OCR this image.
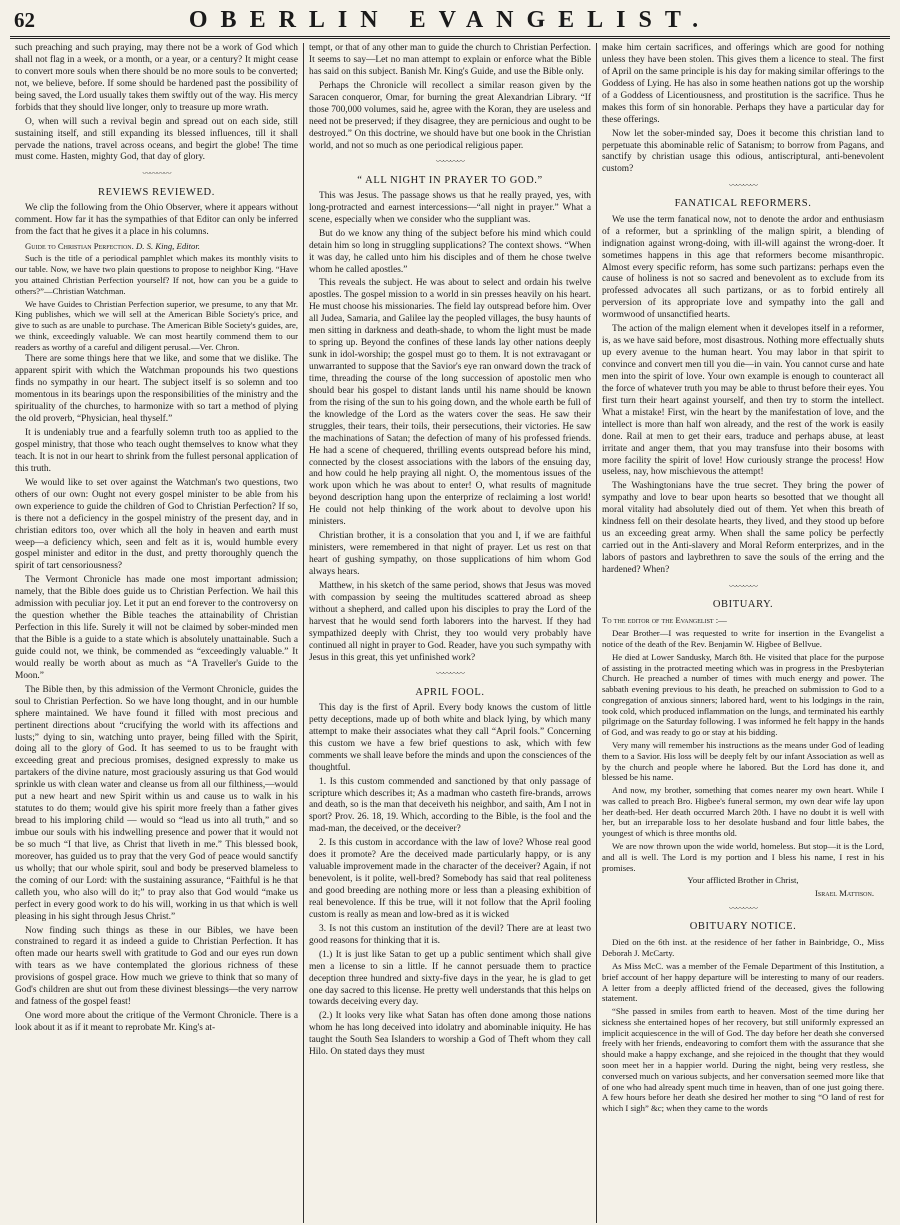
62	OBERLIN EVANGELIST.

such preaching and such praying, may there not be a work of God which shall not flag in a week, or a month, or a year, or a century? It might cease to convert more souls when there should be no more souls to be converted; not, we believe, before. If some should be hardened past the possibility of being saved, the Lord usually takes them swiftly out of the way. His mercy forbids that they should live longer, only to treasure up more wrath.

O, when will such a revival begin and spread out on each side, still sustaining itself, and still expanding its blessed influences, till it shall pervade the nations, travel across oceans, and begirt the globe! The time must come. Hasten, mighty God, that day of glory.

〰〰〰〰
REVIEWS REVIEWED.

We clip the following from the Ohio Observer, where it appears without comment. How far it has the sympathies of that Editor can only be inferred from the fact that he gives it a place in his columns.

Guide to Christian Perfection. D. S. King, Editor.

Such is the title of a periodical pamphlet which makes its monthly visits to our table. Now, we have two plain questions to propose to neighbor King. “Have you attained Christian Perfection yourself? If not, how can you be a guide to others?”—Christian Watchman.

We have Guides to Christian Perfection superior, we presume, to any that Mr. King publishes, which we will sell at the American Bible Society's price, and give to such as are unable to purchase. The American Bible Society's guides, are, we think, exceedingly valuable. We can most heartily commend them to our readers as worthy of a careful and diligent perusal.—Ver. Chron.

There are some things here that we like, and some that we dislike. The apparent spirit with which the Watchman propounds his two questions finds no sympathy in our heart. The subject itself is so solemn and too momentous in its bearings upon the responsibilities of the ministry and the spirituality of the churches, to harmonize with so tart a method of plying the old proverb, “Physician, heal thyself.”

It is undeniably true and a fearfully solemn truth too as applied to the gospel ministry, that those who teach ought themselves to know what they teach. It is not in our heart to shrink from the fullest personal application of this truth.

We would like to set over against the Watchman's two questions, two others of our own: Ought not every gospel minister to be able from his own experience to guide the children of God to Christian Perfection? If so, is there not a deficiency in the gospel ministry of the present day, and in christian editors too, over which all the holy in heaven and earth must weep—a deficiency which, seen and felt as it is, would humble every gospel minister and editor in the dust, and pretty thoroughly quench the spirit of tart censoriousness?

The Vermont Chronicle has made one most important admission; namely, that the Bible does guide us to Christian Perfection. We hail this admission with peculiar joy. Let it put an end forever to the controversy on the question whether the Bible teaches the attainability of Christian Perfection in this life. Surely it will not be claimed by sober-minded men that the Bible is a guide to a state which is absolutely unattainable. Such a guide could not, we think, be commended as “exceedingly valuable.” It would really be worth about as much as “A Traveller's Guide to the Moon.”

The Bible then, by this admission of the Vermont Chronicle, guides the soul to Christian Perfection. So we have long thought, and in our humble sphere maintained. We have found it filled with most precious and pertinent directions about “crucifying the world with its affections and lusts;” dying to sin, watching unto prayer, being filled with the Spirit, doing all to the glory of God. It has seemed to us to be fraught with exceeding great and precious promises, designed expressly to make us partakers of the divine nature, most graciously assuring us that God would sprinkle us with clean water and cleanse us from all our filthiness,—would put a new heart and new Spirit within us and cause us to walk in his statutes to do them; would give his spirit more freely than a father gives bread to his imploring child — would so “lead us into all truth,” and so imbue our souls with his indwelling presence and power that it would not be so much “I that live, as Christ that liveth in me.” This blessed book, moreover, has guided us to pray that the very God of peace would sanctify us wholly; that our whole spirit, soul and body be preserved blameless to the coming of our Lord: with the sustaining assurance, “Faithful is he that calleth you, who also will do it;” to pray also that God would “make us perfect in every good work to do his will, working in us that which is well pleasing in his sight through Jesus Christ.”

Now finding such things as these in our Bibles, we have been constrained to regard it as indeed a guide to Christian Perfection. It has often made our hearts swell with gratitude to God and our eyes run down with tears as we have contemplated the glorious richness of these provisions of gospel grace. How much we grieve to think that so many of God's children are shut out from these divinest blessings—the very narrow and fatness of the gospel feast!

One word more about the critique of the Vermont Chronicle. There is a look about it as if it meant to reprobate Mr. King's at-

tempt, or that of any other man to guide the church to Christian Perfection. It seems to say—Let no man attempt to explain or enforce what the Bible has said on this subject. Banish Mr. King's Guide, and use the Bible only.

Perhaps the Chronicle will recollect a similar reason given by the Saracen conqueror, Omar, for burning the great Alexandrian Library. “If those 700,000 volumes, said he, agree with the Koran, they are useless and need not be preserved; if they disagree, they are pernicious and ought to be destroyed.” On this doctrine, we should have but one book in the Christian world, and not so much as one periodical religious paper.

〰〰〰〰
“ ALL NIGHT IN PRAYER TO GOD.”

This was Jesus. The passage shows us that he really prayed, yes, with long-protracted and earnest intercessions—“all night in prayer.” What a scene, especially when we consider who the suppliant was.

But do we know any thing of the subject before his mind which could detain him so long in struggling supplications? The context shows. “When it was day, he called unto him his disciples and of them he chose twelve whom he called apostles.”

This reveals the subject. He was about to select and ordain his twelve apostles. The gospel mission to a world in sin presses heavily on his heart. He must choose his missionaries. The field lay outspread before him. Over all Judea, Samaria, and Galilee lay the peopled villages, the busy haunts of men sitting in darkness and death-shade, to whom the light must be made to spring up. Beyond the confines of these lands lay other nations deeply sunk in idol-worship; the gospel must go to them. It is not extravagant or unwarranted to suppose that the Savior's eye ran onward down the track of time, threading the course of the long succession of apostolic men who should bear his gospel to distant lands until his name should be known from the rising of the sun to his going down, and the whole earth be full of the knowledge of the Lord as the waters cover the seas. He saw their struggles, their tears, their toils, their persecutions, their victories. He saw the machinations of Satan; the defection of many of his professed friends. He had a scene of chequered, thrilling events outspread before his mind, connected by the closest associations with the labors of the ensuing day, and how could he help praying all night. O, the momentous issues of the work upon which he was about to enter! O, what results of magnitude beyond description hang upon the enterprize of reclaiming a lost world! He could not help thinking of the work about to devolve upon his ministers.

Christian brother, it is a consolation that you and I, if we are faithful ministers, were remembered in that night of prayer. Let us rest on that heart of gushing sympathy, on those supplications of him whom God always hears.

Matthew, in his sketch of the same period, shows that Jesus was moved with compassion by seeing the multitudes scattered abroad as sheep without a shepherd, and called upon his disciples to pray the Lord of the harvest that he would send forth laborers into the harvest. If they had sympathized deeply with Christ, they too would very probably have continued all night in prayer to God. Reader, have you such sympathy with Jesus in this great, this yet unfinished work?

〰〰〰〰
APRIL FOOL.

This day is the first of April. Every body knows the custom of little petty deceptions, made up of both white and black lying, by which many attempt to make their associates what they call “April fools.” Concerning this custom we have a few brief questions to ask, which with few comments we shall leave before the minds and upon the consciences of the thoughtful.

1. Is this custom commended and sanctioned by that only passage of scripture which describes it; As a madman who casteth fire-brands, arrows and death, so is the man that deceiveth his neighbor, and saith, Am I not in sport? Prov. 26. 18, 19. Which, according to the Bible, is the fool and the mad-man, the deceived, or the deceiver?

2. Is this custom in accordance with the law of love? Whose real good does it promote? Are the deceived made particularly happy, or is any valuable improvement made in the character of the deceiver? Again, if not benevolent, is it polite, well-bred? Somebody has said that real politeness and good breeding are nothing more or less than a pleasing exhibition of real benevolence. If this be true, will it not follow that the April fooling custom is really as mean and low-bred as it is wicked

3. Is not this custom an institution of the devil? There are at least two good reasons for thinking that it is.

(1.) It is just like Satan to get up a public sentiment which shall give men a license to sin a little. If he cannot persuade them to practice deception three hundred and sixty-five days in the year, he is glad to get one day sacred to this license. He pretty well understands that this helps on towards deceiving every day.

(2.) It looks very like what Satan has often done among those nations whom he has long deceived into idolatry and abominable iniquity. He has taught the South Sea Islanders to worship a God of Theft whom they call Hilo. On stated days they must

make him certain sacrifices, and offerings which are good for nothing unless they have been stolen. This gives them a licence to steal. The first of April on the same principle is his day for making similar offerings to the Goddess of Lying. He has also in some heathen nations got up the worship of a Goddess of Licentiousness, and prostitution is the sacrifice. Thus he makes this form of sin honorable. Perhaps they have a particular day for these offerings.

Now let the sober-minded say, Does it become this christian land to perpetuate this abominable relic of Satanism; to borrow from Pagans, and sanctify by christian usage this odious, antiscriptural, anti-benevolent custom?

〰〰〰〰
FANATICAL REFORMERS.

We use the term fanatical now, not to denote the ardor and enthusiasm of a reformer, but a sprinkling of the malign spirit, a blending of indignation against wrong-doing, with ill-will against the wrong-doer. It sometimes happens in this age that reformers become misanthropic. Almost every specific reform, has some such partizans: perhaps even the cause of holiness is not so sacred and benevolent as to exclude from its professed advocates all such partizans, or as to forbid entirely all perversion of its appropriate love and sympathy into the gall and wormwood of unsanctified hearts.

The action of the malign element when it developes itself in a reformer, is, as we have said before, most disastrous. Nothing more effectually shuts up every avenue to the human heart. You may labor in that spirit to convince and convert men till you die—in vain. You cannot curse and hate men into the spirit of love. Your own example is enough to counteract all the force of whatever truth you may be able to thrust before their eyes. You first turn their heart against yourself, and then try to storm the intellect. What a mistake! First, win the heart by the manifestation of love, and the intellect is more than half won already, and the rest of the work is easily done. Rail at men to get their ears, traduce and perhaps abuse, at least irritate and anger them, that you may transfuse into their bosoms with more facility the spirit of love! How curiously strange the process! How useless, nay, how mischievous the attempt!

The Washingtonians have the true secret. They bring the power of sympathy and love to bear upon hearts so besotted that we thought all moral vitality had absolutely died out of them. Yet when this breath of kindness fell on their desolate hearts, they lived, and they stood up before us an exceeding great army. When shall the same policy be perfectly carried out in the Anti-slavery and Moral Reform enterprizes, and in the labors of pastors and laybrethren to save the souls of the erring and the hardened? When?

〰〰〰〰
OBITUARY.

To the editor of the Evangelist :—

Dear Brother—I was requested to write for insertion in the Evangelist a notice of the death of the Rev. Benjamin W. Higbee of Bellvue.

He died at Lower Sandusky, March 8th. He visited that place for the purpose of assisting in the protracted meeting which was in progress in the Presbyterian Church. He preached a number of times with much energy and power. The sabbath evening previous to his death, he preached on submission to God to a congregation of anxious sinners; labored hard, went to his lodgings in the rain, took cold, which produced inflammation on the lungs, and terminated his earthly pilgrimage on the Saturday following. I was informed he felt happy in the hands of God, and was ready to go or stay at his bidding.

Very many will remember his instructions as the means under God of leading them to a Savior. His loss will be deeply felt by our infant Association as well as by the church and people where he labored. But the Lord has done it, and blessed be his name.

And now, my brother, something that comes nearer my own heart. While I was called to preach Bro. Higbee's funeral sermon, my own dear wife lay upon her death-bed. Her death occurred March 20th. I have no doubt it is well with her, but an irreparable loss to her desolate husband and four little babes, the youngest of which is three months old.

We are now thrown upon the wide world, homeless. But stop—it is the Lord, and all is well. The Lord is my portion and I bless his name, I rest in his promises.

Your afflicted Brother in Christ,

Israel Mattison.

〰〰〰〰
OBITUARY NOTICE.

Died on the 6th inst. at the residence of her father in Bainbridge, O., Miss Deborah J. McCarty.

As Miss McC. was a member of the Female Department of this Institution, a brief account of her happy departure will be interesting to many of our readers. A letter from a deeply afflicted friend of the deceased, gives the following statement.

“She passed in smiles from earth to heaven. Most of the time during her sickness she entertained hopes of her recovery, but still uniformly expressed an implicit acquiescence in the will of God. The day before her death she conversed freely with her friends, endeavoring to comfort them with the assurance that she should make a happy exchange, and she rejoiced in the thought that they would soon meet her in a happier world. During the night, being very restless, she conversed much on various subjects, and her conversation seemed more like that of one who had already spent much time in heaven, than of one just going there. A few hours before her death she desired her mother to sing “O land of rest for which I sigh” &c; when they came to the words
